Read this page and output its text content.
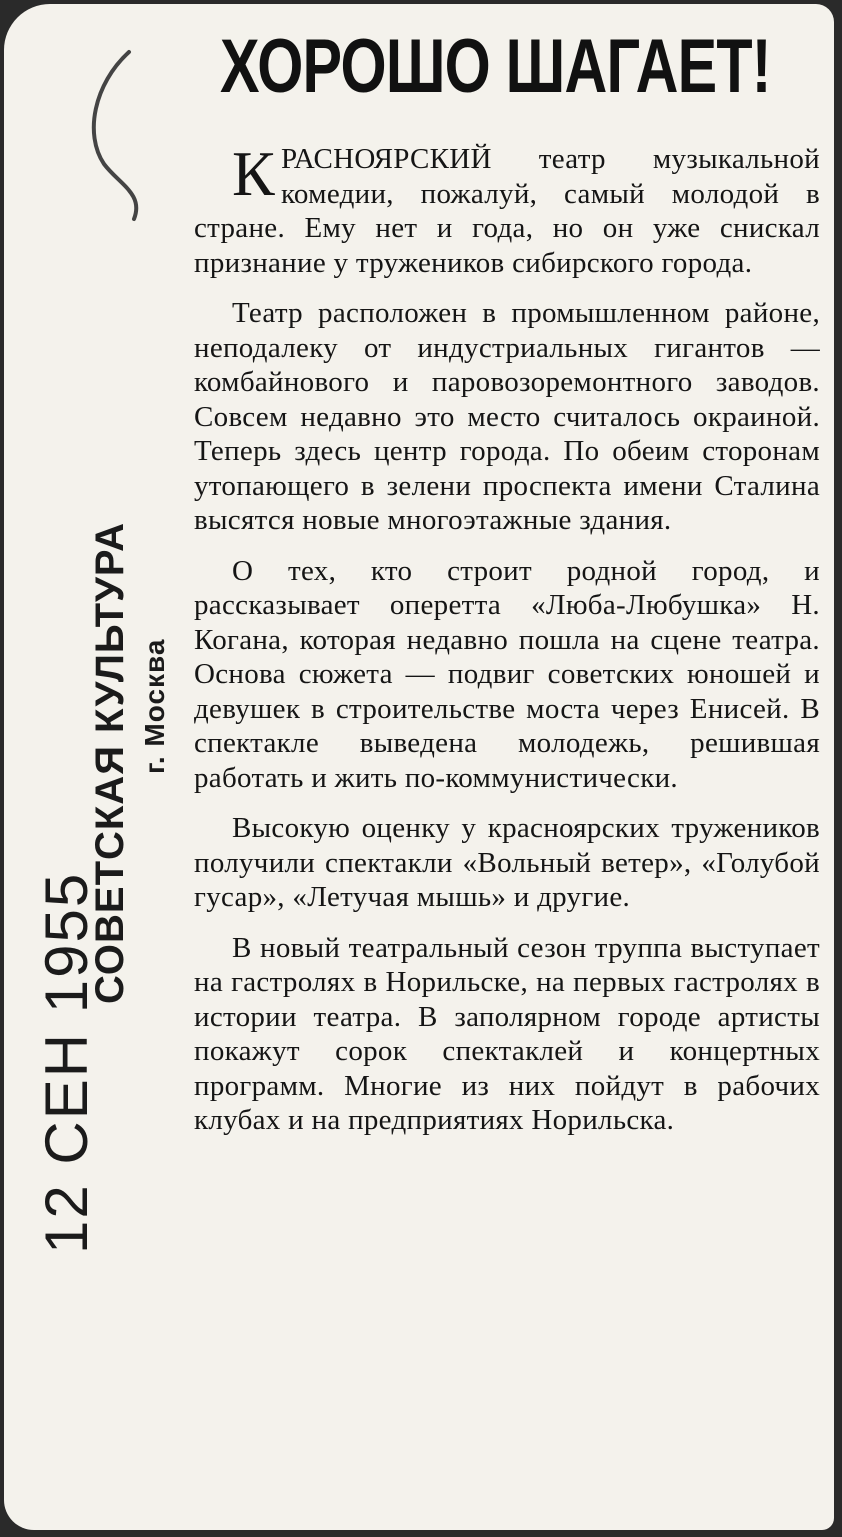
12 СЕН 1955
СОВЕТСКАЯ КУЛЬТУРА г. Москва
ХОРОШО ШАГАЕТ!

КРАСНОЯРСКИЙ театр музыкальной комедии, пожалуй, самый молодой в стране. Ему нет и года, но он уже снискал признание у тружеников сибирского города.

Театр расположен в промышленном районе, неподалеку от индустриальных гигантов — комбайнового и паровозоремонтного заводов. Совсем недавно это место считалось окраиной. Теперь здесь центр города. По обеим сторонам утопающего в зелени проспекта имени Сталина высятся новые многоэтажные здания.

О тех, кто строит родной город, и рассказывает оперетта «Люба-Любушка» Н. Когана, которая недавно пошла на сцене театра. Основа сюжета — подвиг советских юношей и девушек в строительстве моста через Енисей. В спектакле выведена молодежь, решившая работать и жить по-коммунистически.

Высокую оценку у красноярских тружеников получили спектакли «Вольный ветер», «Голубой гусар», «Летучая мышь» и другие.

В новый театральный сезон труппа выступает на гастролях в Норильске, на первых гастролях в истории театра. В заполярном городе артисты покажут сорок спектаклей и концертных программ. Многие из них пойдут в рабочих клубах и на предприятиях Норильска.
